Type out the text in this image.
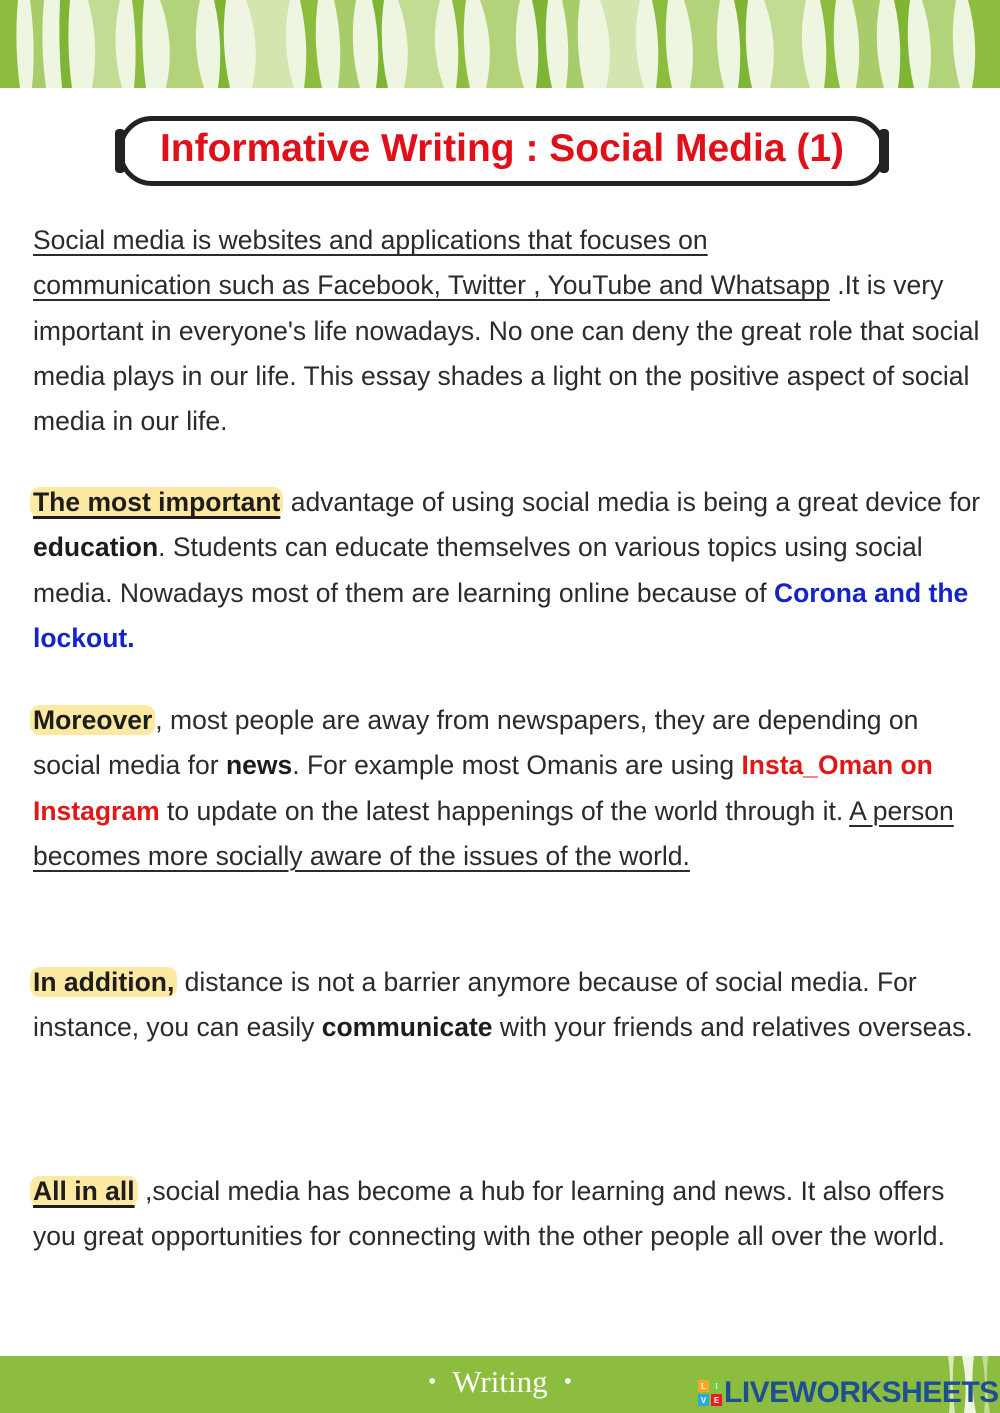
Informative Writing : Social Media (1)
Social media is websites and applications that focuses on
communication such as Facebook, Twitter , YouTube and Whatsapp .It is very important in everyone's life nowadays. No one can deny the great role that social media plays in our life. This essay shades a light on the positive aspect of social media in our life.
The most important advantage of using social media is being a great device for education. Students can educate themselves on various topics using social media. Nowadays most of them are learning online because of Corona and the lockout.
Moreover , most people are away from newspapers, they are depending on social media for news. For example most Omanis are using Insta_Oman on Instagram to update on the latest happenings of the world through it. A person becomes more socially aware of the issues of the world.
In addition, distance is not a barrier anymore because of social media. For instance, you can easily communicate with your friends and relatives overseas.
All in all ,social media has become a hub for learning and news. It also offers you great opportunities for connecting with the other people all over the world.
• Writing •	L I
V E LIVEWORKSHEETS
